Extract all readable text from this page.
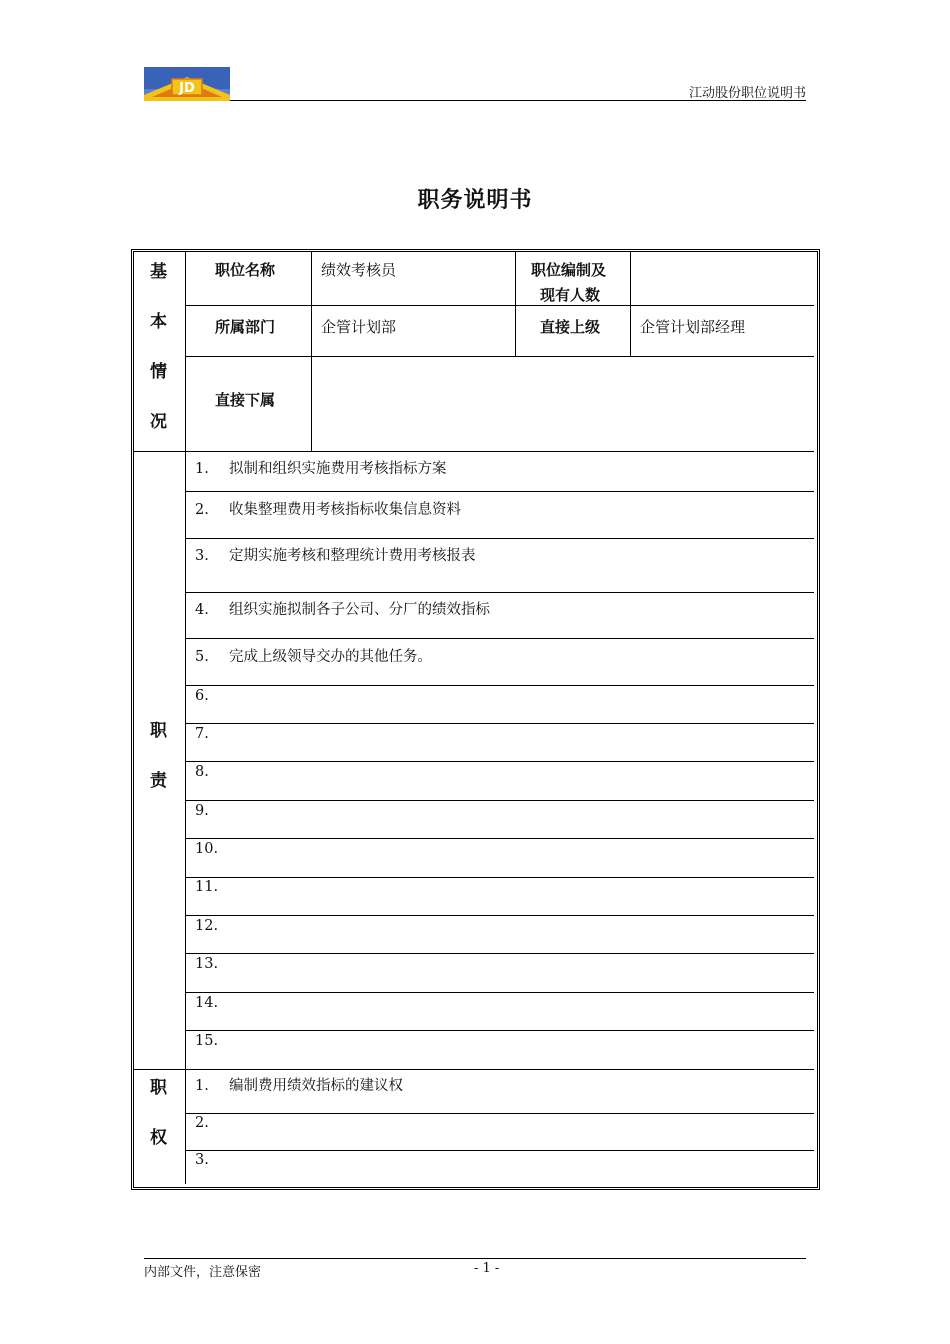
JD	江动股份职位说明书
职务说明书
基
本
情
况
职位名称	绩效考核员	职位编制及
现有人数
所属部门	企管计划部	直接上级	企管计划部经理
直接下属
职
责
1. 拟制和组织实施费用考核指标方案
2. 收集整理费用考核指标收集信息资料
3. 定期实施考核和整理统计费用考核报表
4. 组织实施拟制各子公司、分厂的绩效指标
5. 完成上级领导交办的其他任务。
6.
7.
8.
9.
10.
11.
12.
13.
14.
15.
职
权
1. 编制费用绩效指标的建议权
2.
3.
内部文件，注意保密	- 1 -
